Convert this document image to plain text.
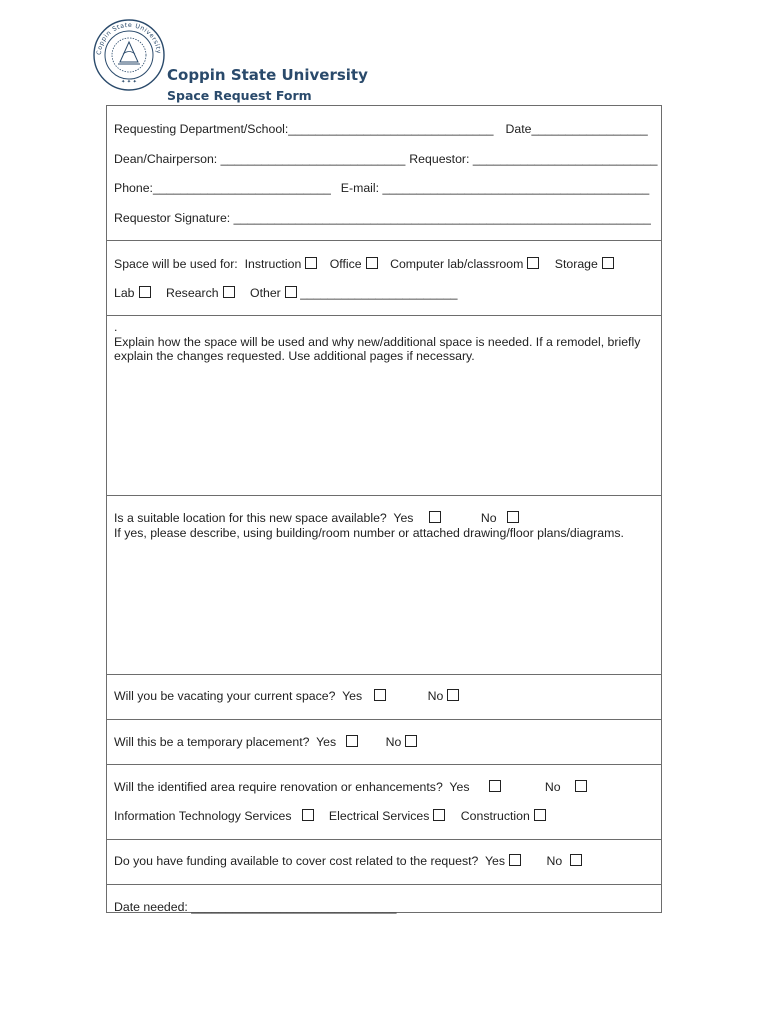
Coppin State University
✦ ✦ ✦ Coppin State University
Space Request Form
Requesting Department/School:______________________________ Date_________________
Dean/Chairperson: ___________________________ Requestor: ___________________________
Phone:__________________________ E-mail: _______________________________________
Requestor Signature: _____________________________________________________________
Space will be used for: Instruction Office Computer lab/classroom	Storage
Lab	Research	Other _______________________
.
Explain how the space will be used and why new/additional space is needed. If a remodel, briefly explain the changes requested. Use additional pages if necessary.
Is a suitable location for this new space available? Yes	No
If yes, please describe, using building/room number or attached drawing/floor plans/diagrams.
Will you be vacating your current space? Yes	No
Will this be a temporary placement? Yes	No
Will the identified area require renovation or enhancements? Yes	No
Information Technology Services	Electrical Services	Construction
Do you have funding available to cover cost related to the request? Yes	No
Date needed: ______________________________
